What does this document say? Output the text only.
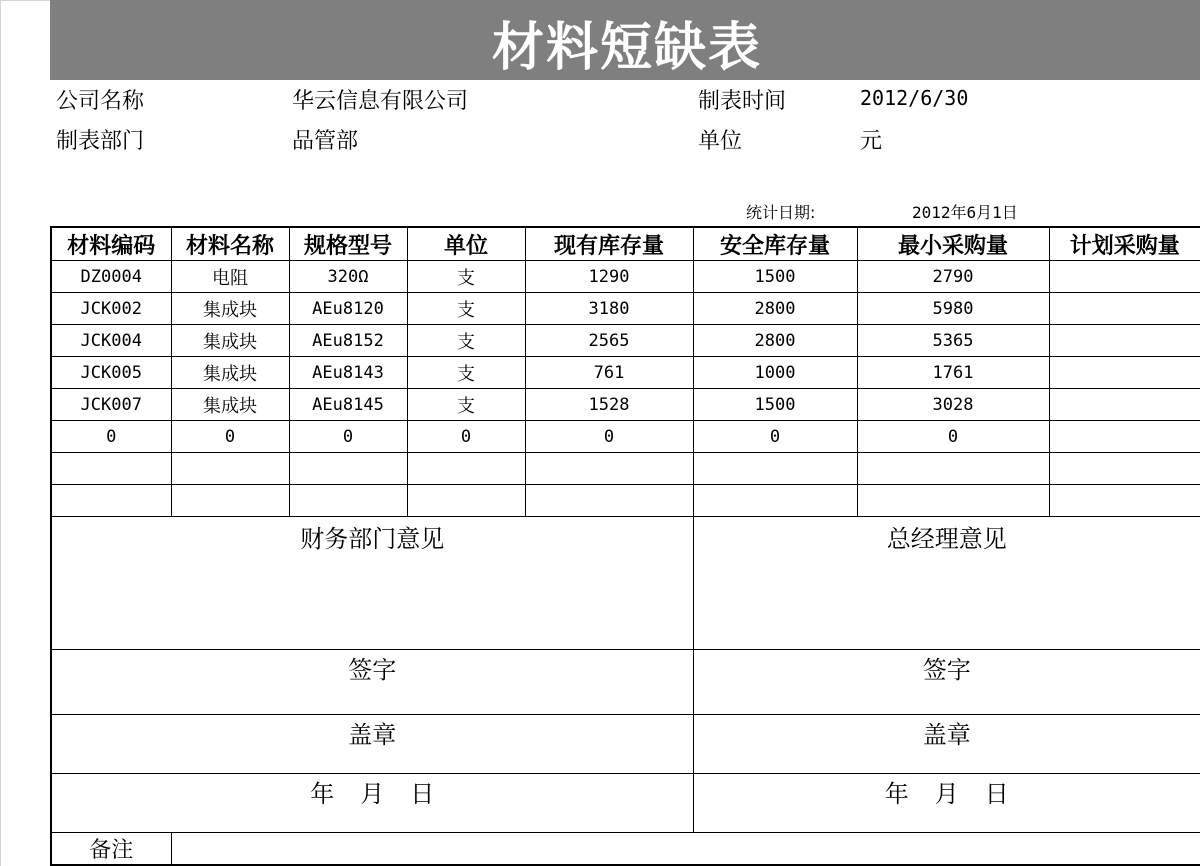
材料短缺表
公司名称	华云信息有限公司	制表时间	2012/6/30
制表部门	品管部	单位	元
统计日期:	2012年6月1日
材料编码	材料名称	规格型号	单位	现有库存量	安全库存量	最小采购量	计划采购量
DZ0004	电阻	320Ω	支	1290	1500	2790	
JCK002	集成块	AEu8120	支	3180	2800	5980	
JCK004	集成块	AEu8152	支	2565	2800	5365	
JCK005	集成块	AEu8143	支	761	1000	1761	
JCK007	集成块	AEu8145	支	1528	1500	3028	
0	0	0	0	0	0	0	

财务部门意见					总经理意见		
签字					签字		
盖章					盖章		
年 月 日					年 月 日		
备注							
